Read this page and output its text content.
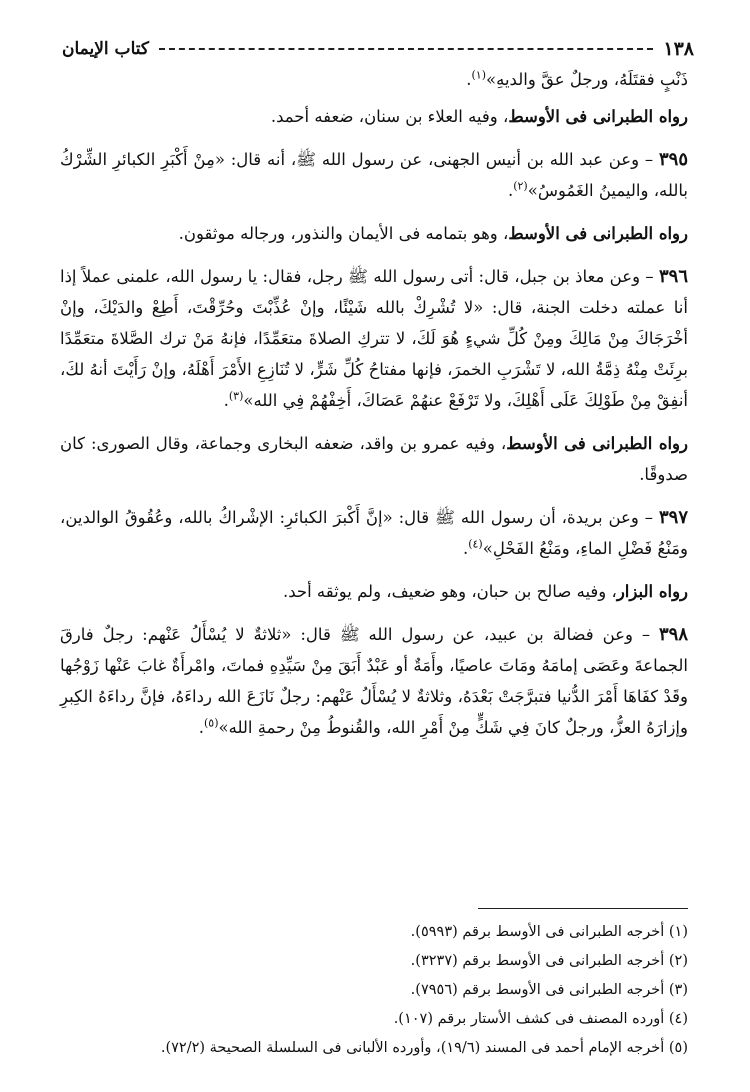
١٣٨
كتاب الإيمان

ذَنْبٍ فقتَلَهُ، ورجلٌ عقَّ والديهِ»$^{(١)}$.

رواه الطبرانى فى الأوسط، وفيه العلاء بن سنان، ضعفه أحمد.

٣٩٥ – وعن عبد الله بن أنيس الجهنى، عن رسول الله ﷺ، أنه قال: «مِنْ أَكْبَرِ الكبائرِ الشِّرْكُ بالله، واليمينُ الغَمُوسُ»$^{(٢)}$.

رواه الطبرانى فى الأوسط، وهو بتمامه فى الأيمان والنذور، ورجاله موثقون.

٣٩٦ – وعن معاذ بن جبل، قال: أتى رسول الله ﷺ رجل، فقال: يا رسول الله، علمنى عملاً إذا أنا عملته دخلت الجنة، قال: «لا تُشْرِكْ بالله شَيْئًا، وإنْ عُذِّبْتَ وحُرِّقْتَ، أَطِعْ والدَيْكَ، وإنْ أخْرَجَاكَ مِنْ مَالِكَ ومِنْ كُلِّ شيءٍ هُوَ لَكَ، لا تتركِ الصلاةَ متعَمِّدًا، فإنهُ مَنْ ترك الصَّلاةَ متعَمِّدًا برِئَتْ مِنْهُ ذِمَّةُ الله، لا تَشْرَبِ الخمرَ، فإنها مفتاحُ كُلِّ شَرٍّ، لا تُنَازِعِ الأَمْرَ أَهْلَهُ، وإنْ رَأَيْتَ أنهُ لكَ، أنفِقْ مِنْ طَوْلِكَ عَلَى أَهْلِكَ، ولا تَرْفَعْ عنهُمْ عَصَاكَ، أَخِفْهُمْ فِي الله»$^{(٣)}$.

رواه الطبرانى فى الأوسط، وفيه عمرو بن واقد، ضعفه البخارى وجماعة، وقال الصورى: كان صدوقًا.

٣٩٧ – وعن بريدة، أن رسول الله ﷺ قال: «إنَّ أَكْبرَ الكبائرِ: الإشْراكُ بالله، وعُقُوقُ الوالدين، ومَنْعُ فَضْلِ الماءِ، ومَنْعُ الفَحْلِ»$^{(٤)}$.

رواه البزار، وفيه صالح بن حبان، وهو ضعيف، ولم يوثقه أحد.

٣٩٨ – وعن فضالة بن عبيد، عن رسول الله ﷺ قال: «ثلاثةٌ لا يُسْأَلُ عَنْهم: رجلٌ فارقَ الجماعةَ وعَصَى إمامَهُ ومَاتَ عاصيًا، وأَمَةٌ أو عَبْدٌ أَبَقَ مِنْ سَيِّدِهِ فماتَ، وامْرأَةٌ غابَ عَنْها زَوْجُها وقَدْ كفَاهَا أَمْرَ الدُّنيا فتبرَّجَتْ بَعْدَهُ، وثلاثةٌ لا يُسْأَلُ عَنْهم: رجلٌ نَازَعَ الله رداءَهُ، فإنَّ رداءَهُ الكِبرِ وإزارَهُ العزُّ، ورجلٌ كانَ فِي شَكٍّ مِنْ أَمْرِ الله، والقُنوطُ مِنْ رحمةِ الله»$^{(٥)}$.

(١) أخرجه الطبرانى فى الأوسط برقم (٥٩٩٣).
(٢) أخرجه الطبرانى فى الأوسط برقم (٣٢٣٧).
(٣) أخرجه الطبرانى فى الأوسط برقم (٧٩٥٦).
(٤) أورده المصنف فى كشف الأستار برقم (١٠٧).
(٥) أخرجه الإمام أحمد فى المسند (١٩/٦)، وأورده الألبانى فى السلسلة الصحيحة (٧٢/٢).
